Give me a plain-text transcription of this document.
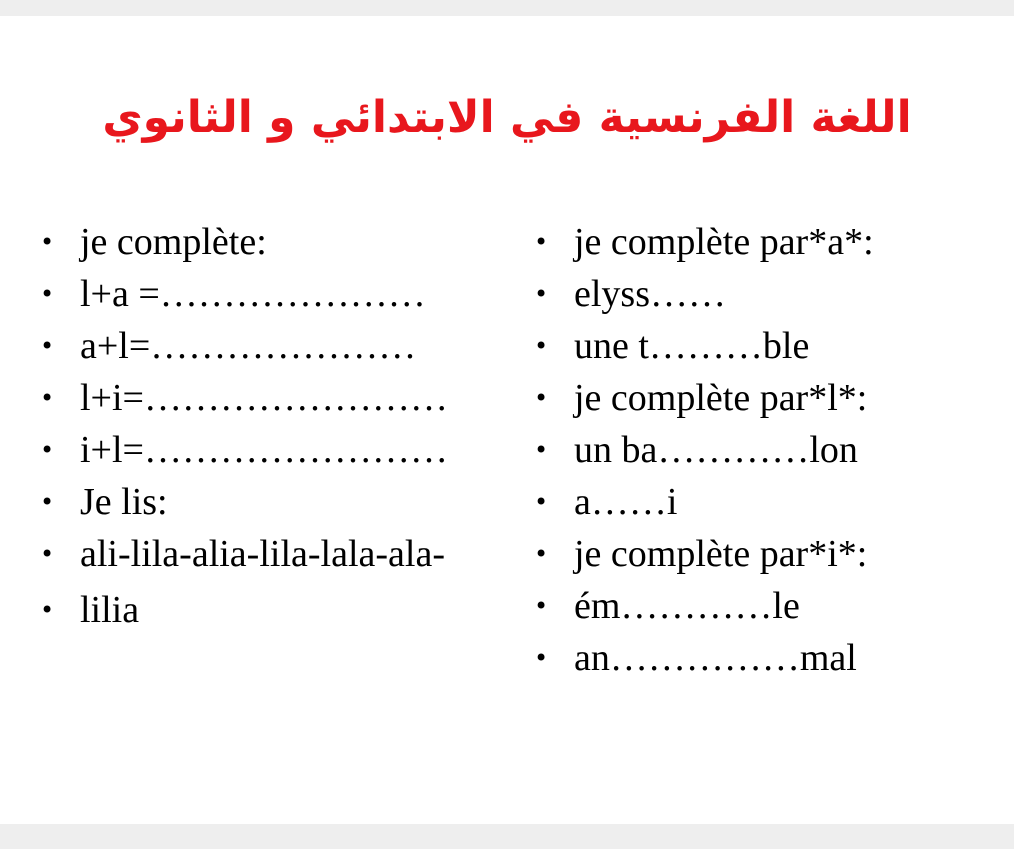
اللغة الفرنسية في الابتدائي و الثانوي
• je complète:
• l+a =…………………
• a+l=…………………
• l+i=……………………
• i+l=……………………
• Je lis:
• ali-lila-alia-lila-lala-ala-
• lilia
• je complète par*a*:
• elyss……
• une t………ble
• je complète par*l*:
• un ba…………lon
• a……i
• je complète par*i*:
• ém…………le
• an……………mal
